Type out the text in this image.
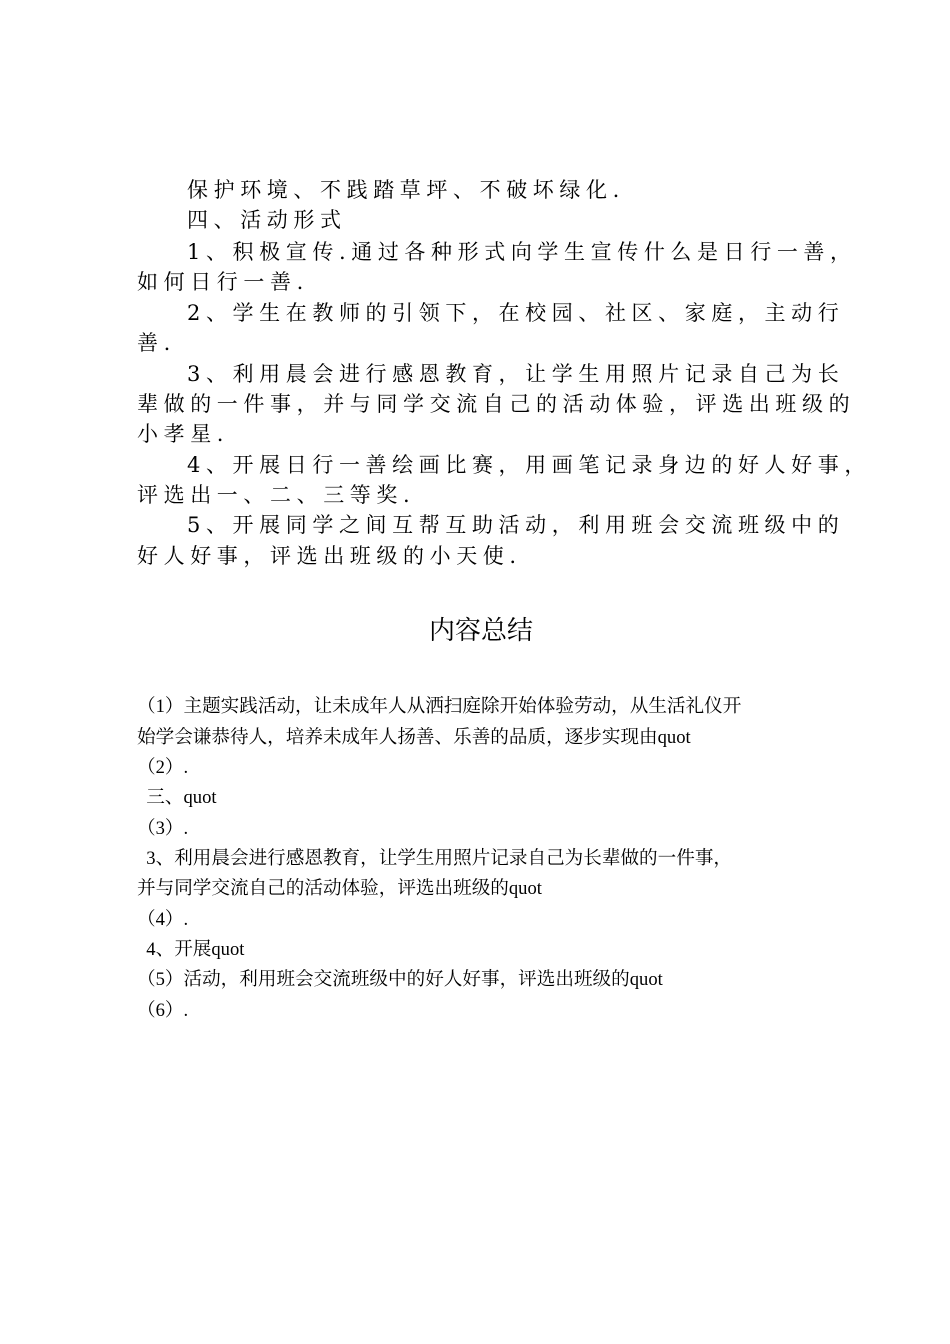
保护环境、不践踏草坪、不破坏绿化.
四、活动形式
1、积极宣传.通过各种形式向学生宣传什么是日行一善，
如何日行一善.
2、学生在教师的引领下，在校园、社区、家庭，主动行
善.
3、利用晨会进行感恩教育，让学生用照片记录自己为长
辈做的一件事，并与同学交流自己的活动体验，评选出班级的
小孝星.
4、开展日行一善绘画比赛，用画笔记录身边的好人好事，
评选出一、二、三等奖.
5、开展同学之间互帮互助活动，利用班会交流班级中的
好人好事，评选出班级的小天使.
内容总结
（1）主题实践活动，让未成年人从洒扫庭除开始体验劳动，从生活礼仪开
始学会谦恭待人，培养未成年人扬善、乐善的品质，逐步实现由quot
（2）.
三、quot
（3）.
3、利用晨会进行感恩教育，让学生用照片记录自己为长辈做的一件事，
并与同学交流自己的活动体验，评选出班级的quot
（4）.
4、开展quot
（5）活动，利用班会交流班级中的好人好事，评选出班级的quot
（6）.
